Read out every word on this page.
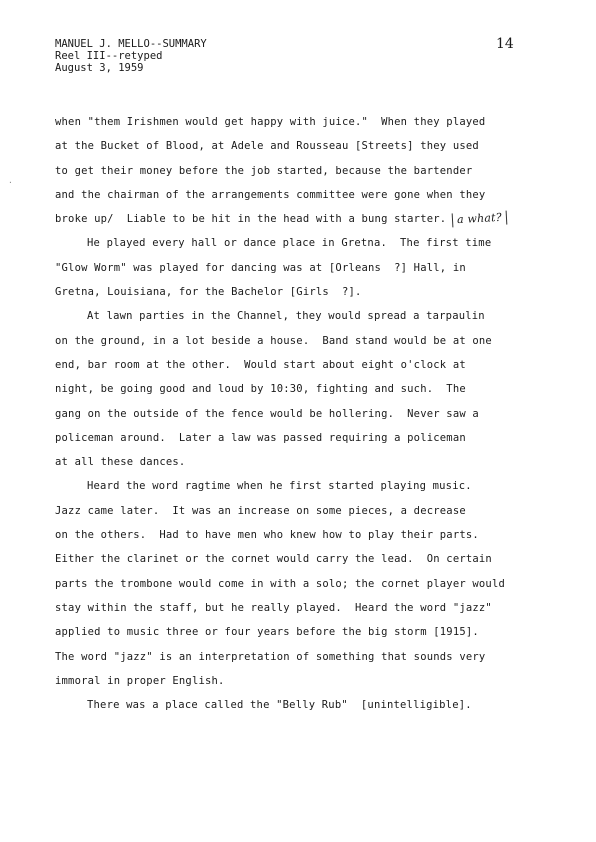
MANUEL J. MELLO--SUMMARY
Reel III--retyped
August 3, 1959
14
·
when "them Irishmen would get happy with juice."  When they played
at the Bucket of Blood, at Adele and Rousseau [Streets] they used
to get their money before the job started, because the bartender
and the chairman of the arrangements committee were gone when they
broke up/  Liable to be hit in the head with a bung starter. a what?
He played every hall or dance place in Gretna.  The first time
"Glow Worm" was played for dancing was at [Orleans  ?] Hall, in
Gretna, Louisiana, for the Bachelor [Girls  ?].
At lawn parties in the Channel, they would spread a tarpaulin
on the ground, in a lot beside a house.  Band stand would be at one
end, bar room at the other.  Would start about eight o'clock at
night, be going good and loud by 10:30, fighting and such.  The
gang on the outside of the fence would be hollering.  Never saw a
policeman around.  Later a law was passed requiring a policeman
at all these dances.
Heard the word ragtime when he first started playing music.
Jazz came later.  It was an increase on some pieces, a decrease
on the others.  Had to have men who knew how to play their parts.
Either the clarinet or the cornet would carry the lead.  On certain
parts the trombone would come in with a solo; the cornet player would
stay within the staff, but he really played.  Heard the word "jazz"
applied to music three or four years before the big storm [1915].
The word "jazz" is an interpretation of something that sounds very
immoral in proper English.
There was a place called the "Belly Rub"  [unintelligible].
